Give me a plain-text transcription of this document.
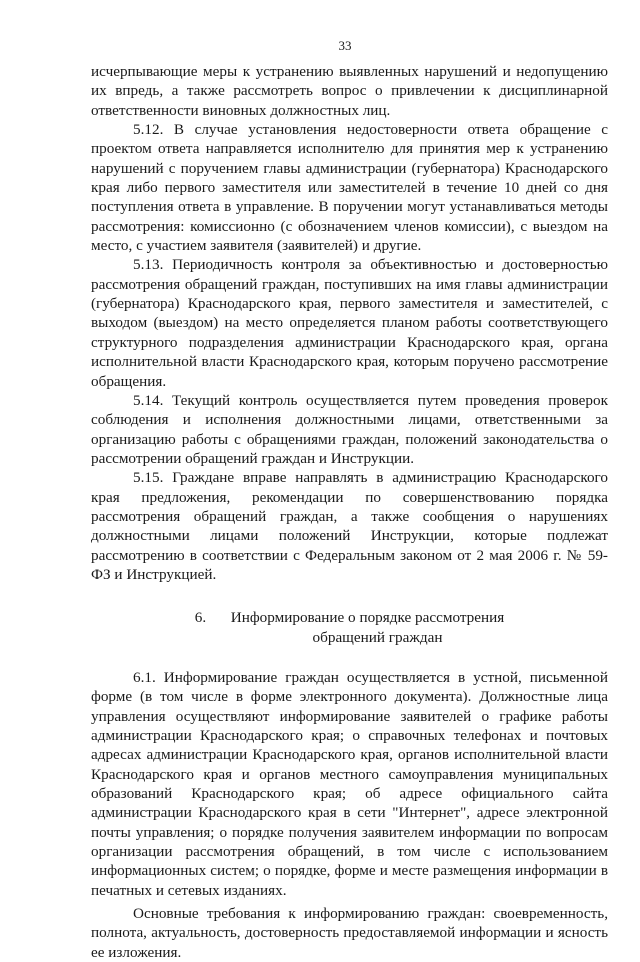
33

исчерпывающие меры к устранению выявленных нарушений и недопущению их впредь, а также рассмотреть вопрос о привлечении к дисциплинарной ответственности виновных должностных лиц.

5.12. В случае установления недостоверности ответа обращение с проектом ответа направляется исполнителю для принятия мер к устранению нарушений с поручением главы администрации (губернатора) Краснодарского края либо первого заместителя или заместителей в течение 10 дней со дня поступления ответа в управление. В поручении могут устанавливаться методы рассмотрения: комиссионно (с обозначением членов комиссии), с выездом на место, с участием заявителя (заявителей) и другие.

5.13. Периодичность контроля за объективностью и достоверностью рассмотрения обращений граждан, поступивших на имя главы администрации (губернатора) Краснодарского края, первого заместителя и заместителей, с выходом (выездом) на место определяется планом работы соответствующего структурного подразделения администрации Краснодарского края, органа исполнительной власти Краснодарского края, которым поручено рассмотрение обращения.

5.14. Текущий контроль осуществляется путем проведения проверок соблюдения и исполнения должностными лицами, ответственными за организацию работы с обращениями граждан, положений законодательства о рассмотрении обращений граждан и Инструкции.

5.15. Граждане вправе направлять в администрацию Краснодарского края предложения, рекомендации по совершенствованию порядка рассмотрения обращений граждан, а также сообщения о нарушениях должностными лицами положений Инструкции, которые подлежат рассмотрению в соответствии с Федеральным законом от 2 мая 2006 г. № 59-ФЗ и Инструкцией.

6. Информирование о порядке рассмотрения
обращений граждан

6.1. Информирование граждан осуществляется в устной, письменной форме (в том числе в форме электронного документа). Должностные лица управления осуществляют информирование заявителей о графике работы администрации Краснодарского края; о справочных телефонах и почтовых адресах администрации Краснодарского края, органов исполнительной власти Краснодарского края и органов местного самоуправления муниципальных образований Краснодарского края; об адресе официального сайта администрации Краснодарского края в сети "Интернет", адресе электронной почты управления; о порядке получения заявителем информации по вопросам организации рассмотрения обращений, в том числе с использованием информационных систем; о порядке, форме и месте размещения информации в печатных и сетевых изданиях.

Основные требования к информированию граждан: своевременность, полнота, актуальность, достоверность предоставляемой информации и ясность ее изложения.
